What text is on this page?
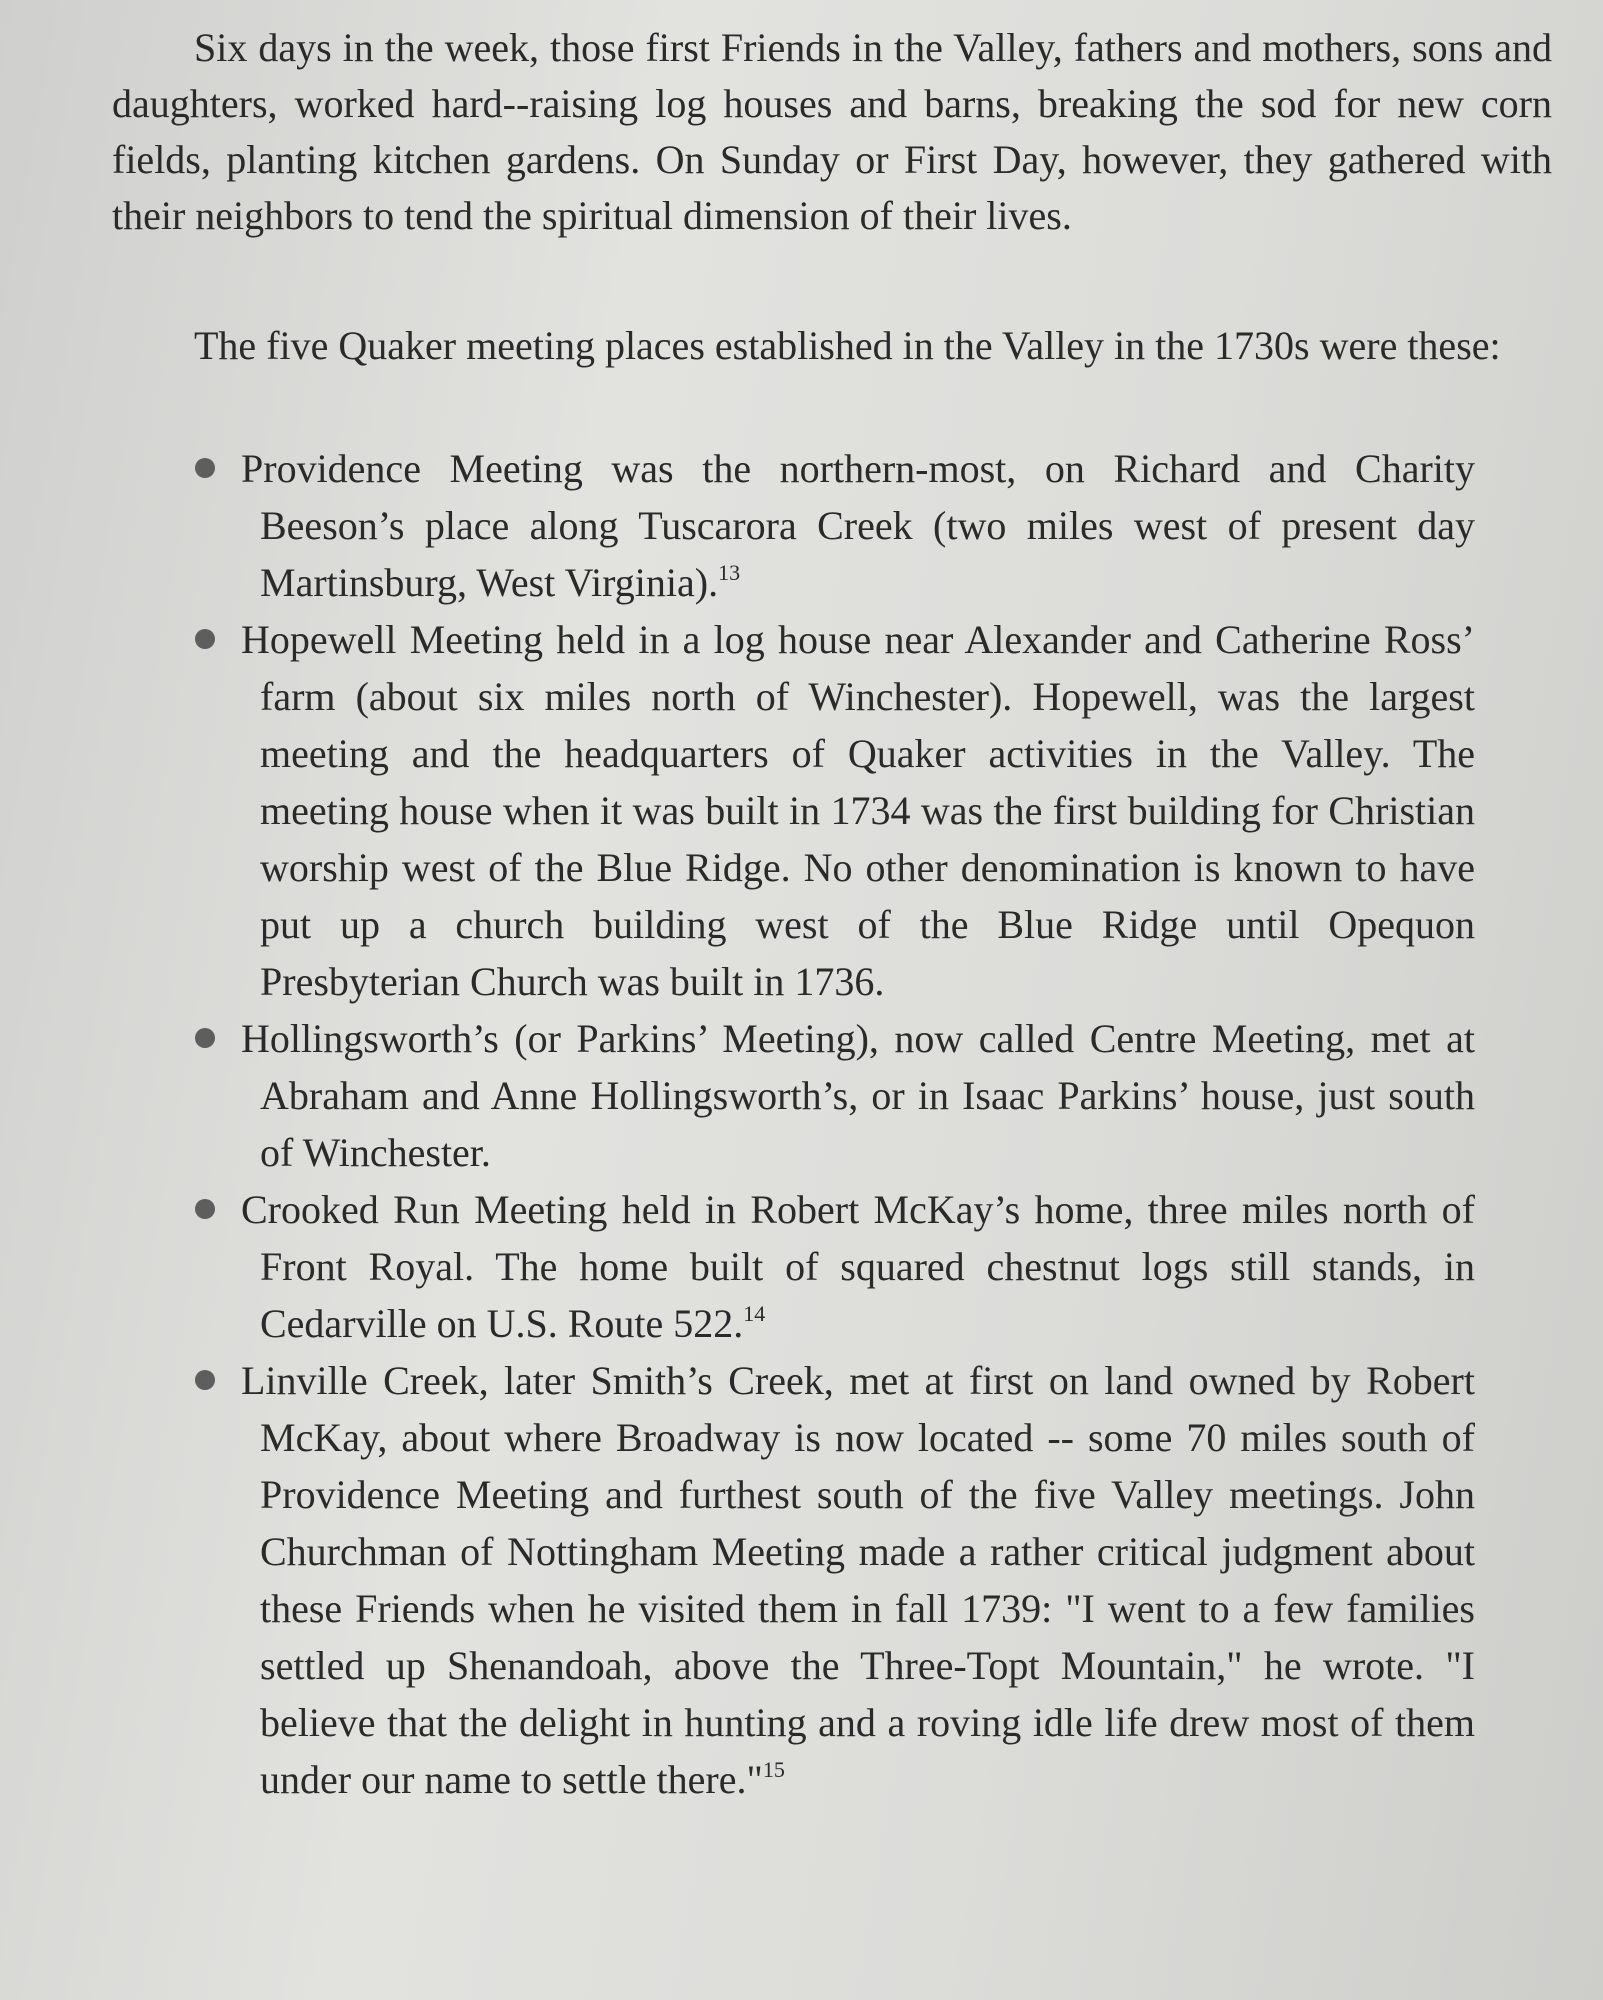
Six days in the week, those first Friends in the Valley, fathers and mothers, sons and daughters, worked hard--raising log houses and barns, breaking the sod for new corn fields, planting kitchen gardens. On Sunday or First Day, however, they gathered with their neighbors to tend the spiritual dimension of their lives.

The five Quaker meeting places established in the Valley in the 1730s were these:

Providence Meeting was the northern-most, on Richard and Charity Beeson’s place along Tuscarora Creek (two miles west of present day Martinsburg, West Virginia).$^{13}$
Hopewell Meeting held in a log house near Alexander and Catherine Ross’ farm (about six miles north of Winchester). Hopewell, was the largest meeting and the headquarters of Quaker activities in the Valley. The meeting house when it was built in 1734 was the first building for Christian worship west of the Blue Ridge. No other denomination is known to have put up a church building west of the Blue Ridge until Opequon Presbyterian Church was built in 1736.
Hollingsworth’s (or Parkins’ Meeting), now called Centre Meeting, met at Abraham and Anne Hollingsworth’s, or in Isaac Parkins’ house, just south of Winchester.
Crooked Run Meeting held in Robert McKay’s home, three miles north of Front Royal. The home built of squared chestnut logs still stands, in Cedarville on U.S. Route 522.14
Linville Creek, later Smith’s Creek, met at first on land owned by Robert McKay, about where Broadway is now located -- some 70 miles south of Providence Meeting and furthest south of the five Valley meetings. John Churchman of Nottingham Meeting made a rather critical judgment about these Friends when he visited them in fall 1739: "I went to a few families settled up Shenandoah, above the Three-Topt Mountain," he wrote. "I believe that the delight in hunting and a roving idle life drew most of them under our name to settle there."$^{15}$
